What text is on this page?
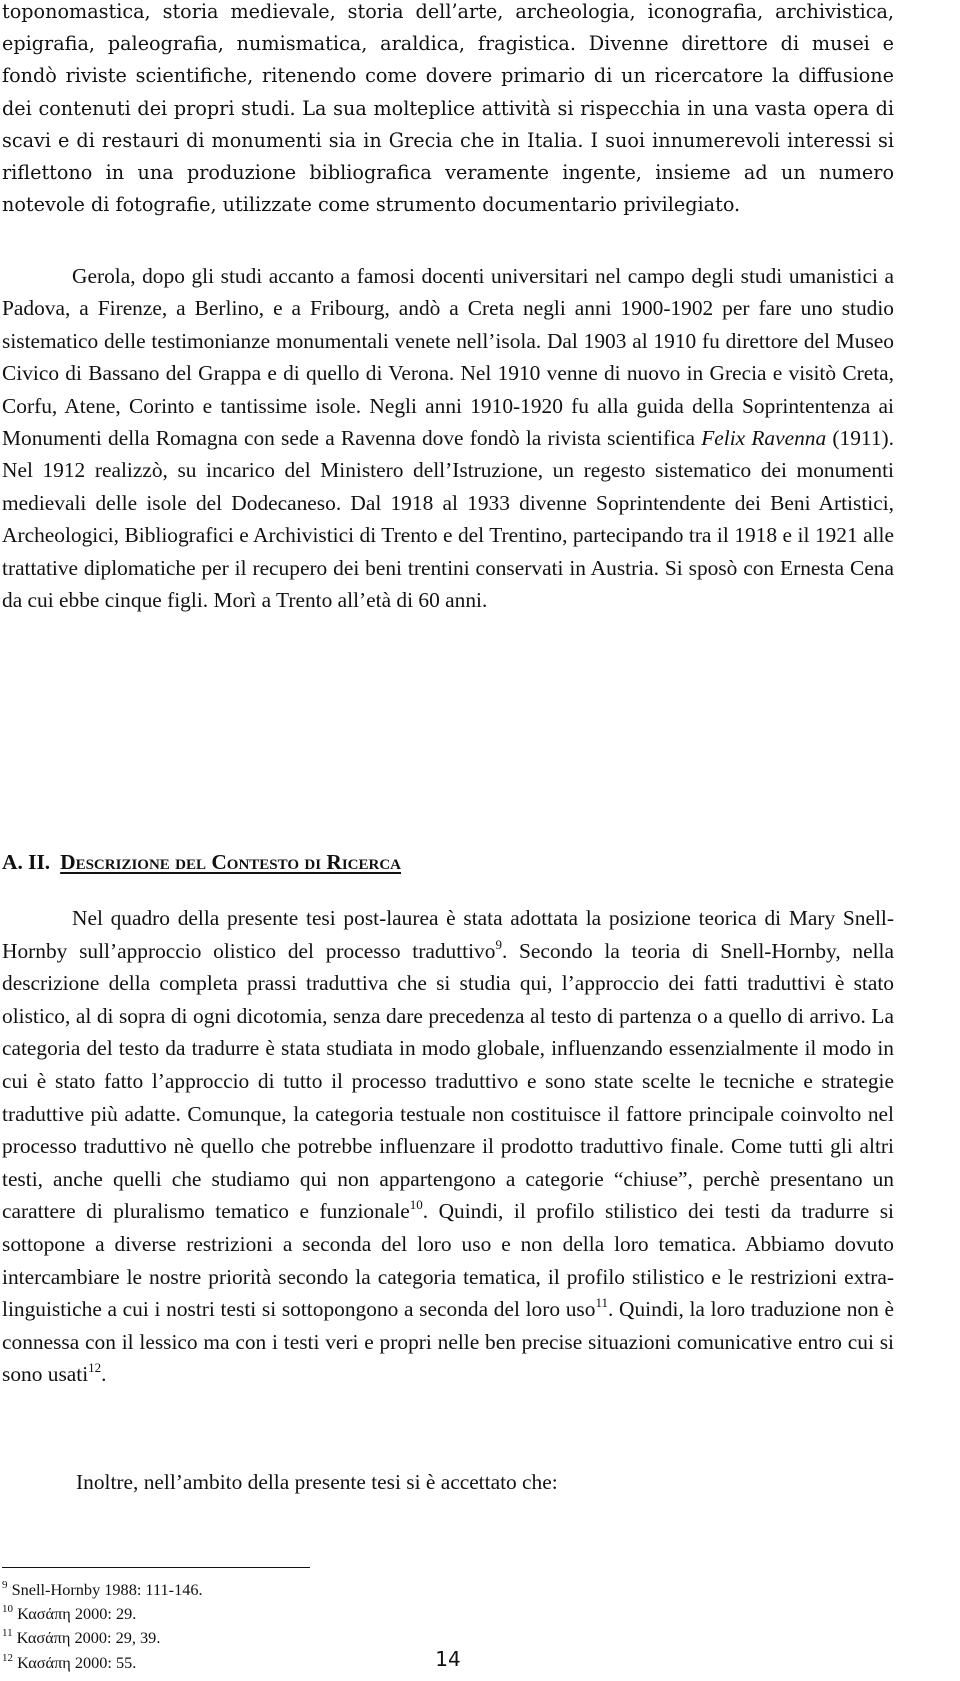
toponomastica, storia medievale, storia dell’arte, archeologia, iconografia, archivistica, epigrafia, paleografia, numismatica, araldica, fragistica. Divenne direttore di musei e fondò riviste scientifiche, ritenendo come dovere primario di un ricercatore la diffusione dei contenuti dei propri studi. La sua molteplice attività si rispecchia in una vasta opera di scavi e di restauri di monumenti sia in Grecia che in Italia. I suoi innumerevoli interessi si riflettono in una produzione bibliografica veramente ingente, insieme ad un numero notevole di fotografie, utilizzate come strumento documentario privilegiato.

Gerola, dopo gli studi accanto a famosi docenti universitari nel campo degli studi umanistici a Padova, a Firenze, a Berlino, e a Fribourg, andò a Creta negli anni 1900-1902 per fare uno studio sistematico delle testimonianze monumentali venete nell’isola. Dal 1903 al 1910 fu direttore del Museo Civico di Bassano del Grappa e di quello di Verona. Nel 1910 venne di nuovo in Grecia e visitò Creta, Corfu, Atene, Corinto e tantissime isole. Negli anni 1910-1920 fu alla guida della Soprintentenza ai Monumenti della Romagna con sede a Ravenna dove fondò la rivista scientifica Felix Ravenna (1911). Nel 1912 realizzò, su incarico del Ministero dell’Istruzione, un regesto sistematico dei monumenti medievali delle isole del Dodecaneso. Dal 1918 al 1933 divenne Soprintendente dei Beni Artistici, Archeologici, Bibliografici e Archivistici di Trento e del Trentino, partecipando tra il 1918 e il 1921 alle trattative diplomatiche per il recupero dei beni trentini conservati in Austria. Si sposò con Ernesta Cena da cui ebbe cinque figli. Morì a Trento all’età di 60 anni.

A. II. Descrizione del Contesto di Ricerca

Nel quadro della presente tesi post-laurea è stata adottata la posizione teorica di Mary Snell-Hornby sull’approccio olistico del processo traduttivo$^9$. Secondo la teoria di Snell-Hornby, nella descrizione della completa prassi traduttiva che si studia qui, l’approccio dei fatti traduttivi è stato olistico, al di sopra di ogni dicotomia, senza dare precedenza al testo di partenza o a quello di arrivo. La categoria del testo da tradurre è stata studiata in modo globale, influenzando essenzialmente il modo in cui è stato fatto l’approccio di tutto il processo traduttivo e sono state scelte le tecniche e strategie traduttive più adatte. Comunque, la categoria testuale non costituisce il fattore principale coinvolto nel processo traduttivo nè quello che potrebbe influenzare il prodotto traduttivo finale. Come tutti gli altri testi, anche quelli che studiamo qui non appartengono a categorie “chiuse”, perchè presentano un carattere di pluralismo tematico e funzionale$^{10}$. Quindi, il profilo stilistico dei testi da tradurre si sottopone a diverse restrizioni a seconda del loro uso e non della loro tematica. Abbiamo dovuto intercambiare le nostre priorità secondo la categoria tematica, il profilo stilistico e le restrizioni extra-linguistiche a cui i nostri testi si sottopongono a seconda del loro uso$^{11}$. Quindi, la loro traduzione non è connessa con il lessico ma con i testi veri e propri nelle ben precise situazioni comunicative entro cui si sono usati$^{12}$.

Inoltre, nell’ambito della presente tesi si è accettato che:

$^9$ Snell-Hornby 1988: 111-146.
$^{10}$ Κασάπη 2000: 29.
$^{11}$ Κασάπη 2000: 29, 39.
$^{12}$ Κασάπη 2000: 55.	14
